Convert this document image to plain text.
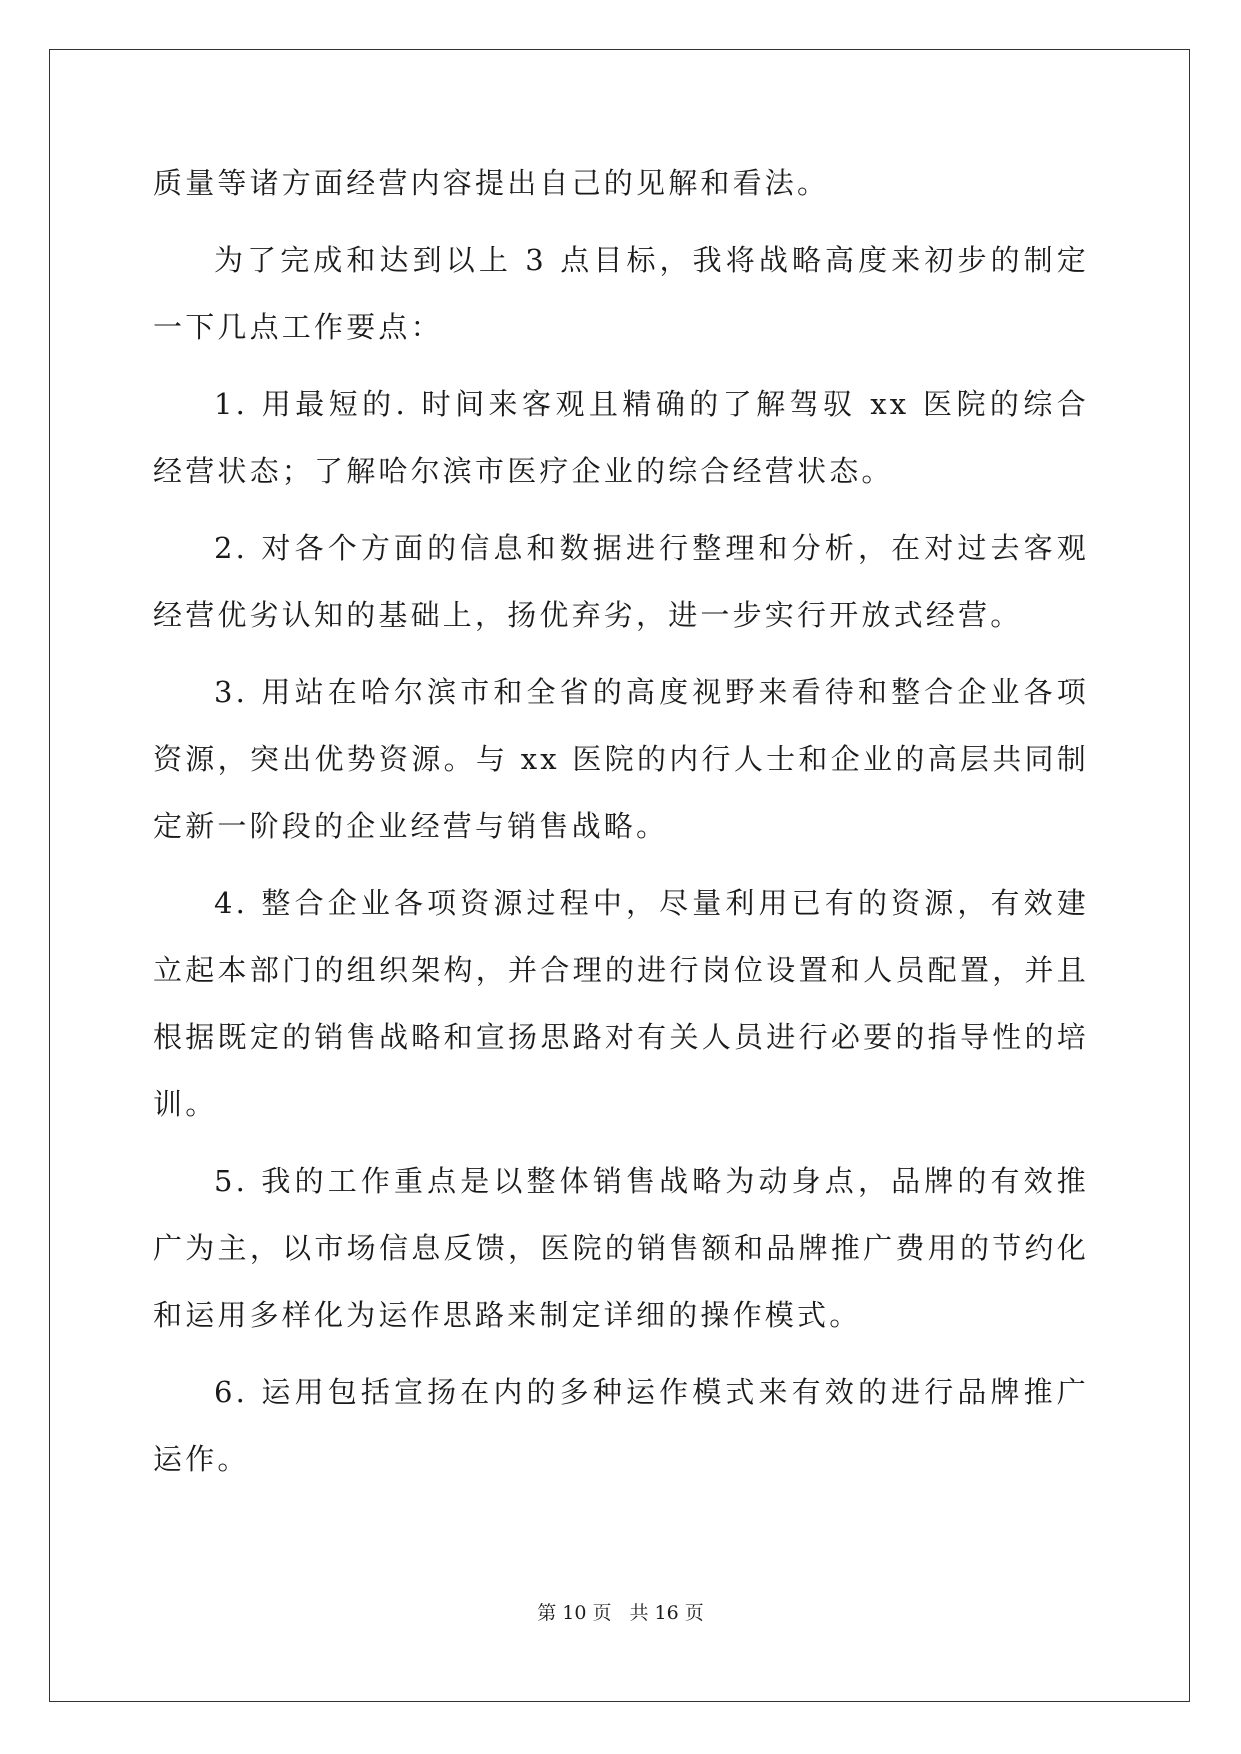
质量等诸方面经营内容提出自己的见解和看法。

为了完成和达到以上 3 点目标，我将战略高度来初步的制定一下几点工作要点：

1. 用最短的. 时间来客观且精确的了解驾驭 xx 医院的综合经营状态；了解哈尔滨市医疗企业的综合经营状态。

2. 对各个方面的信息和数据进行整理和分析，在对过去客观经营优劣认知的基础上，扬优弃劣，进一步实行开放式经营。

3. 用站在哈尔滨市和全省的高度视野来看待和整合企业各项资源，突出优势资源。与 xx 医院的内行人士和企业的高层共同制定新一阶段的企业经营与销售战略。

4. 整合企业各项资源过程中，尽量利用已有的资源，有效建立起本部门的组织架构，并合理的进行岗位设置和人员配置，并且根据既定的销售战略和宣扬思路对有关人员进行必要的指导性的培训。

5. 我的工作重点是以整体销售战略为动身点，品牌的有效推广为主，以市场信息反馈，医院的销售额和品牌推广费用的节约化和运用多样化为运作思路来制定详细的操作模式。

6. 运用包括宣扬在内的多种运作模式来有效的进行品牌推广运作。

第 10 页 共 16 页
